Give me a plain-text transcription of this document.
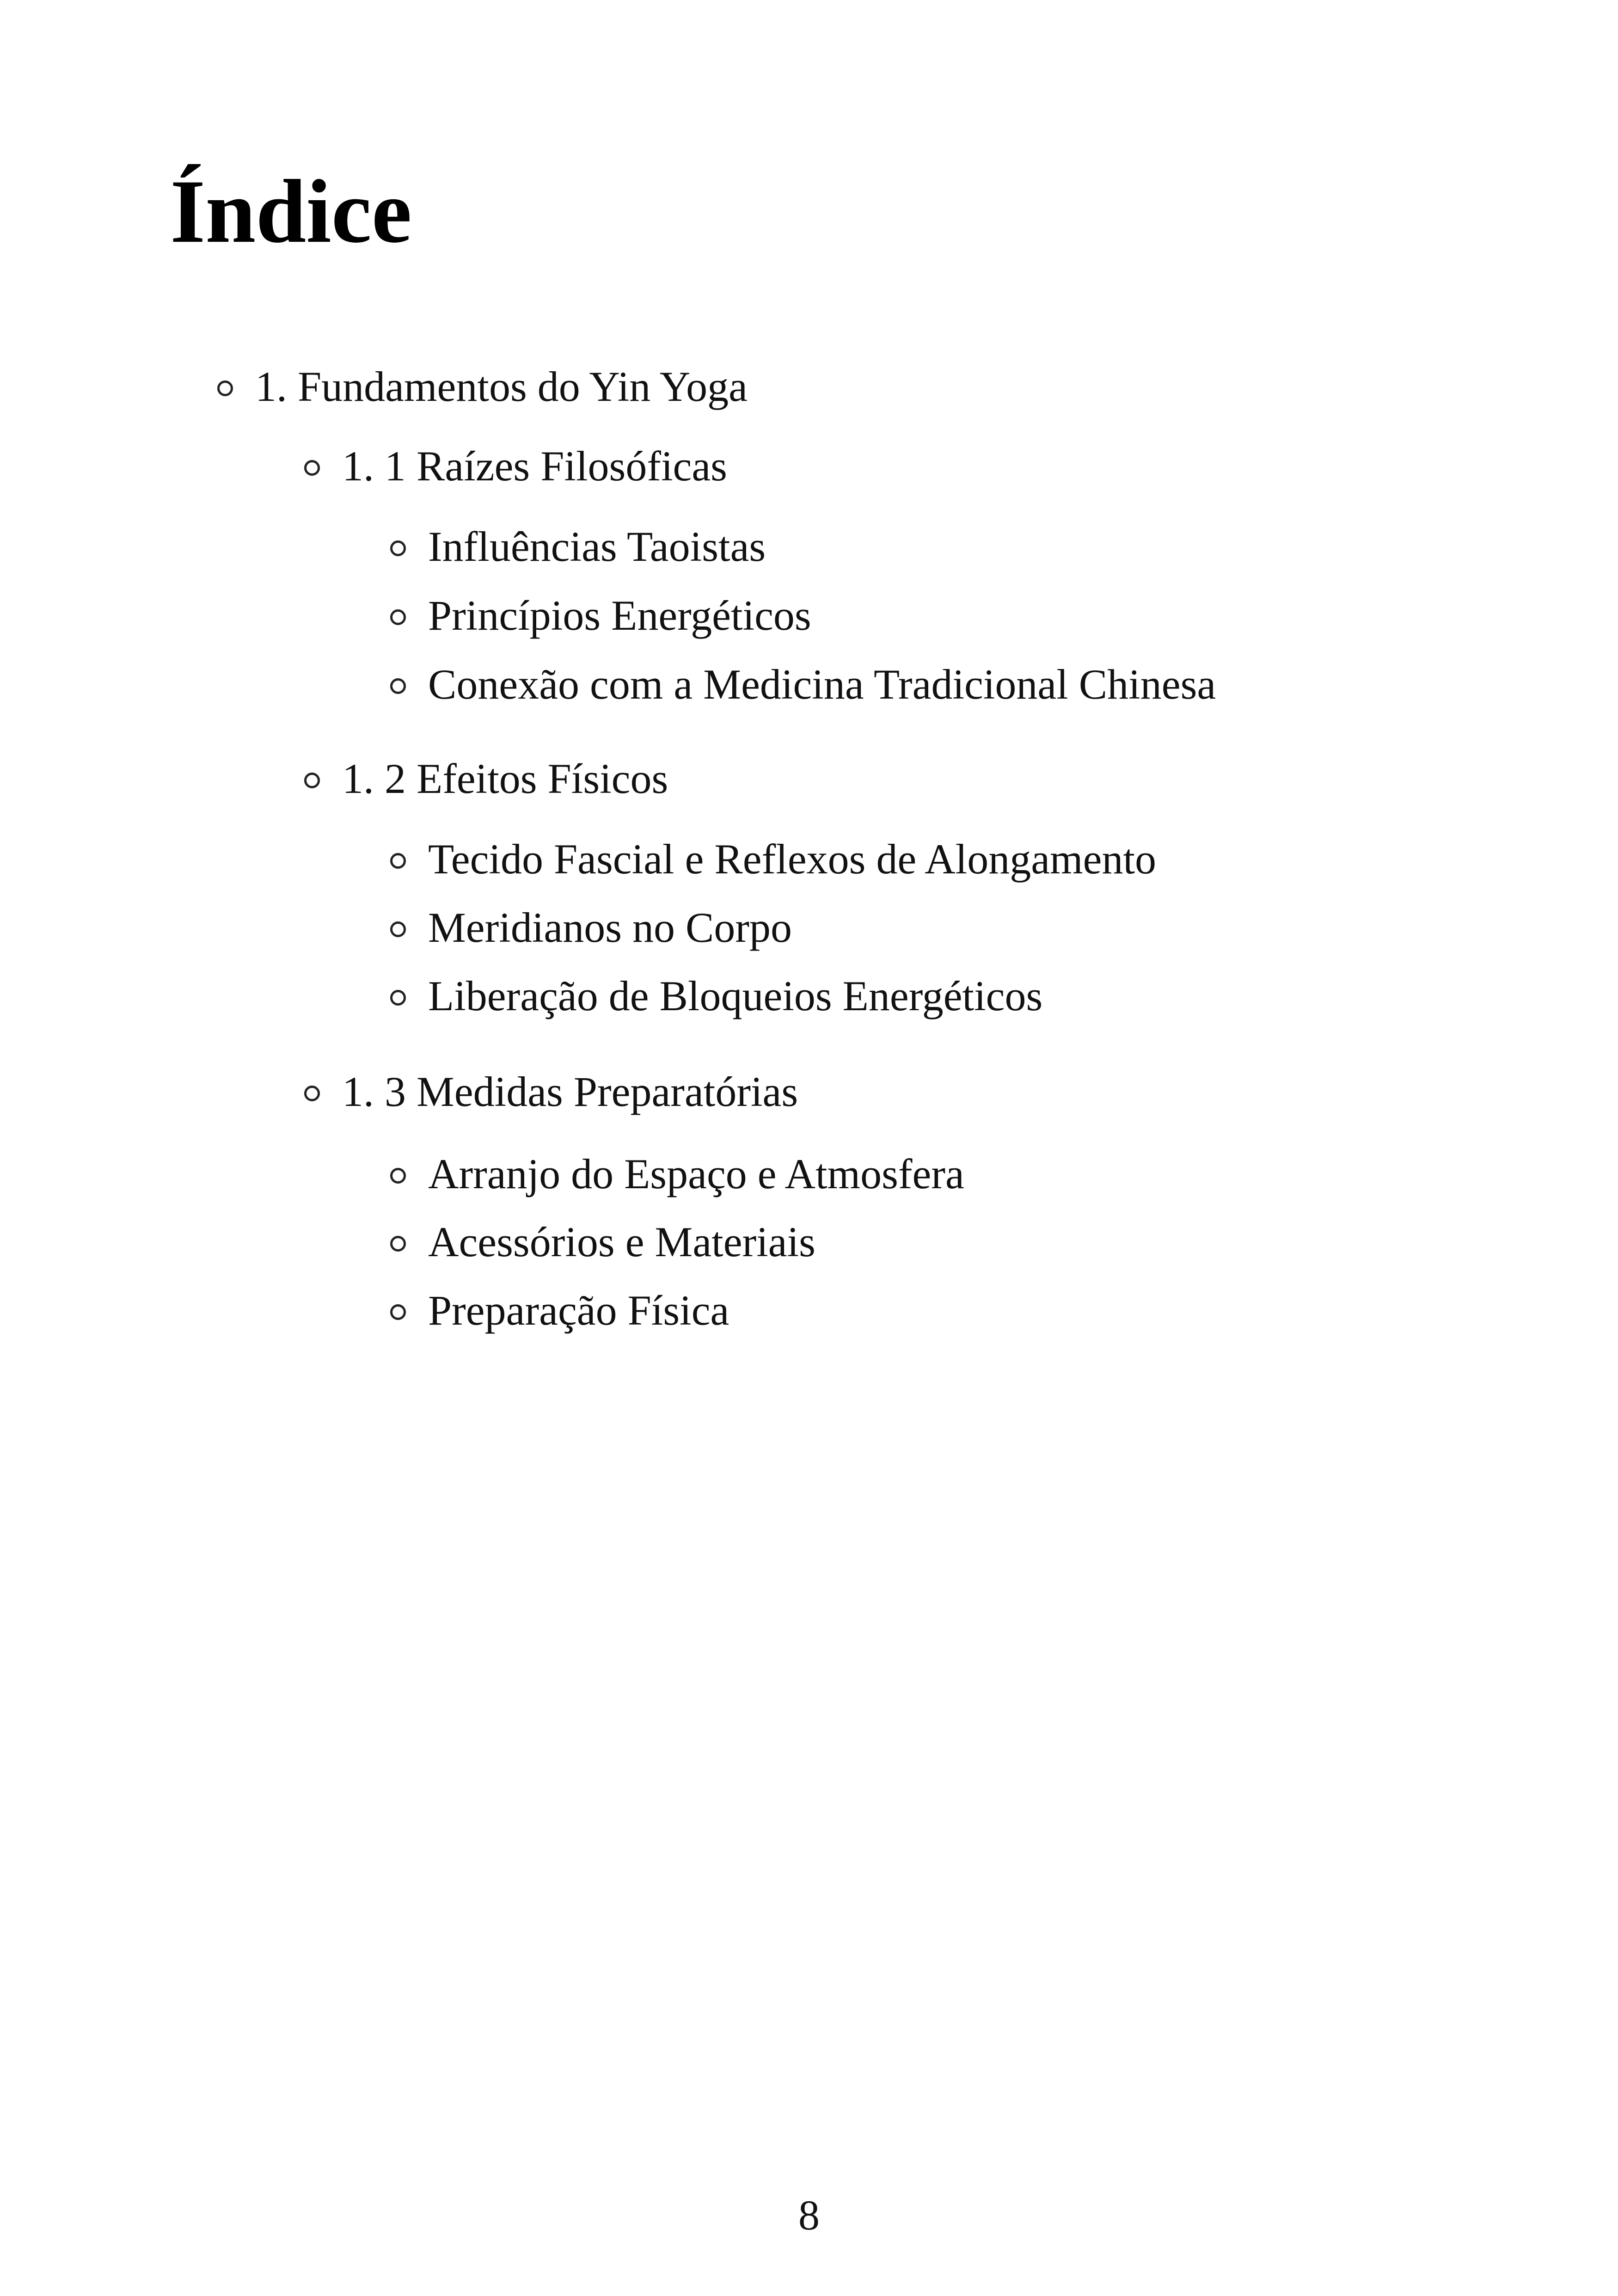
Índice
1. Fundamentos do Yin Yoga
1. 1 Raízes Filosóficas
Influências Taoistas
Princípios Energéticos
Conexão com a Medicina Tradicional Chinesa
1. 2 Efeitos Físicos
Tecido Fascial e Reflexos de Alongamento
Meridianos no Corpo
Liberação de Bloqueios Energéticos
1. 3 Medidas Preparatórias
Arranjo do Espaço e Atmosfera
Acessórios e Materiais
Preparação Física
8
